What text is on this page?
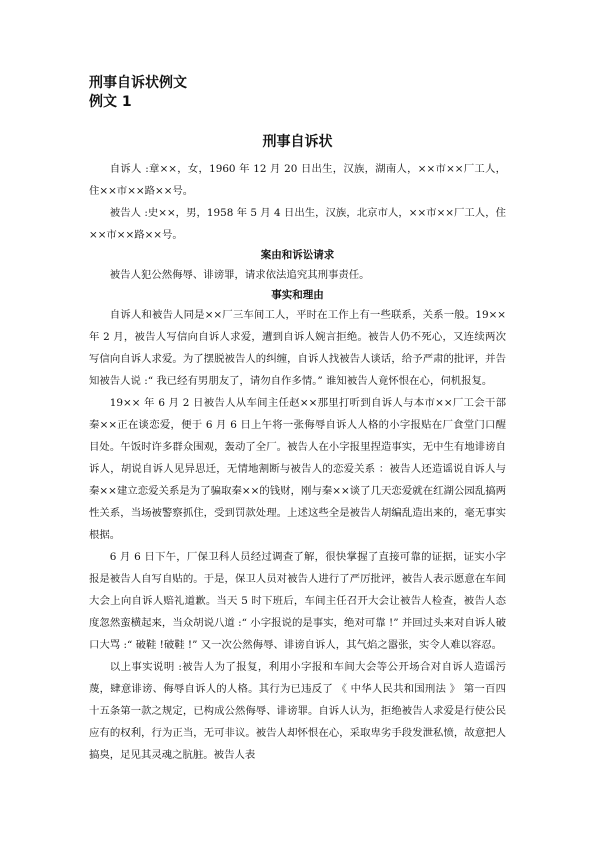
刑事自诉状例文
例文 1
刑事自诉状

自诉人 :章××，女，1960 年 12 月 20 日出生，汉族，湖南人，××市××厂工人，住××市××路××号。

被告人 :史××，男，1958 年 5 月 4 日出生，汉族，北京市人，××市××厂工人，住××市××路××号。

案由和诉讼请求

被告人犯公然侮辱、诽谤罪，请求依法追究其刑事责任。

事实和理由

自诉人和被告人同是××厂三车间工人，平时在工作上有一些联系，关系一般。19××年 2 月，被告人写信向自诉人求爱，遭到自诉人婉言拒绝。被告人仍不死心，又连续两次写信向自诉人求爱。为了摆脱被告人的纠缠，自诉人找被告人谈话，给予严肃的批评，并告知被告人说 :“ 我已经有男朋友了，请勿自作多情。” 谁知被告人竟怀恨在心，伺机报复。

19×× 年 6 月 2 日被告人从车间主任赵××那里打听到自诉人与本市××厂工会干部秦××正在谈恋爱，便于 6 月 6 日上午将一张侮辱自诉人人格的小字报贴在厂食堂门口醒目处。午饭时许多群众围观，轰动了全厂。被告人在小字报里捏造事实，无中生有地诽谤自诉人，胡说自诉人见异思迁，无情地割断与被告人的恋爱关系 ：被告人还造谣说自诉人与秦××建立恋爱关系是为了骗取秦××的钱财，刚与秦××谈了几天恋爱就在红湖公园乱搞两性关系，当场被警察抓住，受到罚款处理。上述这些全是被告人胡编乱造出来的，毫无事实根据。

6 月 6 日下午，厂保卫科人员经过调查了解，很快掌握了直接可靠的证据，证实小字报是被告人自写自贴的。于是，保卫人员对被告人进行了严厉批评，被告人表示愿意在车间大会上向自诉人赔礼道歉。当天 5 时下班后，车间主任召开大会让被告人检查，被告人态度忽然蛮横起来，当众胡说八道 :“ 小字报说的是事实，绝对可靠 !” 并回过头来对自诉人破口大骂 :“ 破鞋 !破鞋 !” 又一次公然侮辱、诽谤自诉人，其气焰之嚣张，实令人难以容忍。

以上事实说明 :被告人为了报复，利用小字报和车间大会等公开场合对自诉人造谣污蔑，肆意诽谤、侮辱自诉人的人格。其行为已违反了 《 中华人民共和国刑法 》 第一百四十五条第一款之规定，已构成公然侮辱、诽谤罪。自诉人认为，拒绝被告人求爱是行使公民应有的权利，行为正当，无可非议。被告人却怀恨在心，采取卑劣手段发泄私愤，故意把人搞臭，足见其灵魂之肮脏。被告人表
